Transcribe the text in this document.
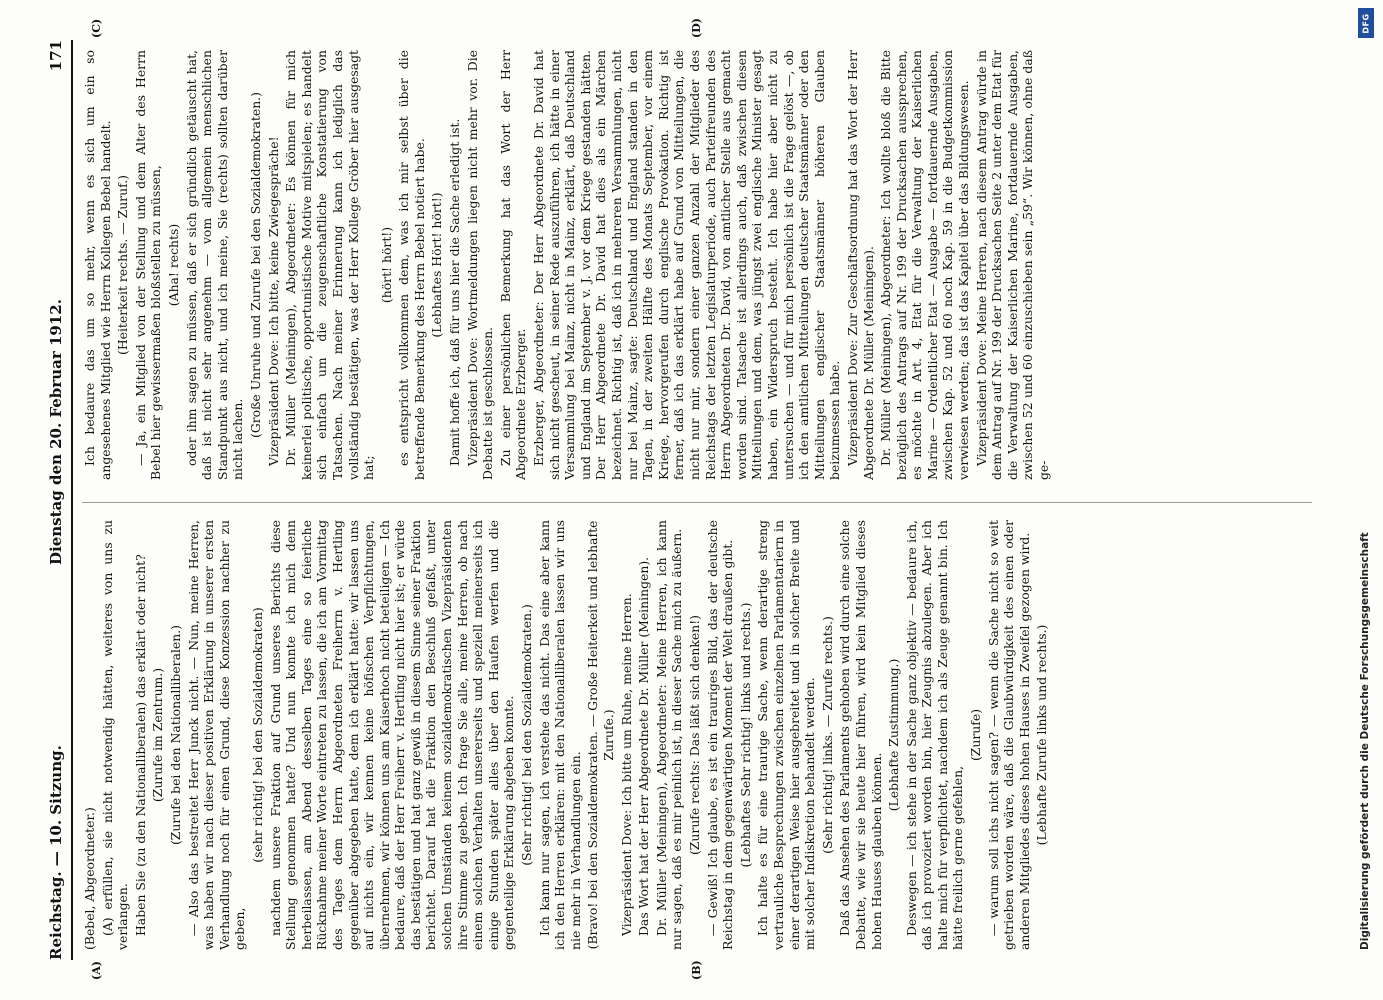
Reichstag. — 10. Sitzung.
Dienstag den 20. Februar 1912.
171
(A)	(B)
(C)	(D)

(Bebel, Abgeordneter.) (A) erfüllen, sie nicht notwendig hätten, weiteres von uns zu verlangen. Haben Sie (zu den Nationalliberalen) das erklärt oder nicht? (Zurufe im Zentrum.) (Zurufe bei den Nationalliberalen.) — Also das bestreitet Herr Junck nicht. — Nun, meine Herren, was haben wir nach dieser positiven Erklärung in unserer ersten Verhandlung noch für einen Grund, diese Konzession nachher zu geben,

(sehr richtig! bei den Sozialdemokraten) nachdem unsere Fraktion auf Grund unseres Berichts diese Stellung genommen hatte? Und nun konnte ich mich denn herbeilassen, am Abend desselben Tages eine so feierliche Rücknahme meiner Worte eintreten zu lassen, die ich am Vormittag des Tages dem Herrn Abgeordneten Freiherrn v. Hertling gegenüber abgegeben hatte, dem ich erklärt hatte: wir lassen uns auf nichts ein, wir kennen keine höfischen Verpflichtungen, übernehmen, wir können uns am Kaiserhoch nicht beteiligen — Ich bedaure, daß der Herr Freiherr v. Hertling nicht hier ist; er würde das bestätigen und hat ganz gewiß in diesem Sinne seiner Fraktion berichtet. Darauf hat die Fraktion den Beschluß gefaßt, unter solchen Umständen keinem sozialdemokratischen Vizepräsidenten ihre Stimme zu geben. Ich frage Sie alle, meine Herren, ob nach einem solchen Verhalten unsererseits und speziell meinerseits ich einige Stunden später alles über den Haufen werfen und die gegenteilige Erklärung abgeben konnte. (Sehr richtig! bei den Sozialdemokraten.) Ich kann nur sagen, ich verstehe das nicht. Das eine aber kann ich den Herren erklären: mit den Nationalliberalen lassen wir uns nie mehr in Verhandlungen ein. (Bravo! bei den Sozialdemokraten. — Große Heiterkeit und lebhafte Zurufe.) Vizepräsident Dove: Ich bitte um Ruhe, meine Herren. Das Wort hat der Herr Abgeordnete Dr. Müller (Meiningen). Dr. Müller (Meiningen), Abgeordneter: Meine Herren, ich kann nur sagen, daß es mir peinlich ist, in dieser Sache mich zu äußern. (Zurufe rechts: Das läßt sich denken!) — Gewiß! Ich glaube, es ist ein trauriges Bild, das der deutsche Reichstag in dem gegenwärtigen Moment der Welt draußen gibt. (Lebhaftes Sehr richtig! links und rechts.) Ich halte es für eine traurige Sache, wenn derartige streng vertrauliche Besprechungen zwischen einzelnen Parlamentariern in einer derartigen Weise hier ausgebreitet und in solcher Breite und mit solcher Indiskretion behandelt werden. (Sehr richtig! links. — Zurufe rechts.) Daß das Ansehen des Parlaments gehoben wird durch eine solche Debatte, wie wir sie heute hier führen, wird kein Mitglied dieses hohen Hauses glauben können.

(Lebhafte Zustimmung.) Deswegen — ich stehe in der Sache ganz objektiv — bedaure ich, daß ich provoziert worden bin, hier Zeugnis abzulegen. Aber ich halte mich für verpflichtet, nachdem ich als Zeuge genannt bin. Ich hätte freilich gerne gefehlen,

(Zurufe) — warum soll ichs nicht sagen? — wenn die Sache nicht so weit getrieben worden wäre, daß die Glaubwürdigkeit des einen oder anderen Mitgliedes dieses hohen Hauses in Zweifel gezogen wird. (Lebhafte Zurufe links und rechts.)

Ich bedaure das um so mehr, wenn es sich um ein so angesehenes Mitglied wie Herrn Kollegen Bebel handelt. (Heiterkeit rechts. — Zuruf.) — Ja, ein Mitglied von der Stellung und dem Alter des Herrn Bebel hier gewissermaßen bloßstellen zu müssen, (Aha! rechts) oder ihm sagen zu müssen, daß er sich gründlich getäuscht hat, daß ist nicht sehr angenehm — vom allgemein menschlichen Standpunkt aus nicht, und ich meine, Sie (rechts) sollten darüber nicht lachen.

(Große Unruhe und Zurufe bei den Sozialdemokraten.) Vizepräsident Dove: Ich bitte, keine Zwiegespräche! Dr. Müller (Meiningen), Abgeordneter: Es können für mich keinerlei politische, opportunistische Motive mitspielen; es handelt sich einfach um die zeugenschaftliche Konstatierung von Tatsachen. Nach meiner Erinnerung kann ich lediglich das vollständig bestätigen, was der Herr Kollege Gröber hier ausgesagt hat;

(hört! hört!) es entspricht vollkommen dem, was ich mir selbst über die betreffende Bemerkung des Herrn Bebel notiert habe. (Lebhaftes Hört! hört!) Damit hoffe ich, daß für uns hier die Sache erledigt ist. Vizepräsident Dove: Wortmeldungen liegen nicht mehr vor. Die Debatte ist geschlossen. Zu einer persönlichen Bemerkung hat das Wort der Herr Abgeordnete Erzberger. Erzberger, Abgeordneter: Der Herr Abgeordnete Dr. David hat sich nicht gescheut, in seiner Rede auszuführen, ich hätte in einer Versammlung bei Mainz, nicht in Mainz, erklärt, daß Deutschland und England im September v. J. vor dem Kriege gestanden hätten. Der Herr Abgeordnete Dr. David hat dies als ein Märchen bezeichnet. Richtig ist, daß ich in mehreren Versammlungen, nicht nur bei Mainz, sagte: Deutschland und England standen in den Tagen, in der zweiten Hälfte des Monats September, vor einem Kriege, hervorgerufen durch englische Provokation. Richtig ist ferner, daß ich das erklärt habe auf Grund von Mitteilungen, die nicht nur mir, sondern einer ganzen Anzahl der Mitglieder des Reichstags der letzten Legislaturperiode, auch Parteifreunden des Herrn Abgeordneten Dr. David, von amtlicher Stelle aus gemacht worden sind. Tatsache ist allerdings auch, daß zwischen diesen Mitteilungen und dem, was jüngst zwei englische Minister gesagt haben, ein Widerspruch besteht. Ich habe hier aber nicht zu untersuchen — und für mich persönlich ist die Frage gelöst —, ob ich den amtlichen Mitteilungen deutscher Staatsmänner oder den Mitteilungen englischer Staatsmänner höheren Glauben beizumessen habe. Vizepräsident Dove: Zur Geschäftsordnung hat das Wort der Herr Abgeordnete Dr. Müller (Meiningen). Dr. Müller (Meiningen), Abgeordneter: Ich wollte bloß die Bitte bezüglich des Antrags auf Nr. 199 der Drucksachen aussprechen, es möchte in Art. 4, Etat für die Verwaltung der Kaiserlichen Marine — Ordentlicher Etat — Ausgabe — fortdauernde Ausgaben, zwischen Kap. 52 und 60 noch Kap. 59 in die Budgetkommission verwiesen werden; das ist das Kapitel über das Bildungswesen. Vizepräsident Dove: Meine Herren, nach diesem Antrag würde in dem Antrag auf Nr. 199 der Drucksachen Seite 2 unter dem Etat für die Verwaltung der Kaiserlichen Marine, fortdauernde Ausgaben, zwischen 52 und 60 einzuschieben sein „59“. Wir können, ohne daß ge-

DFG
Digitalisierung gefördert durch die Deutsche Forschungsgemeinschaft
